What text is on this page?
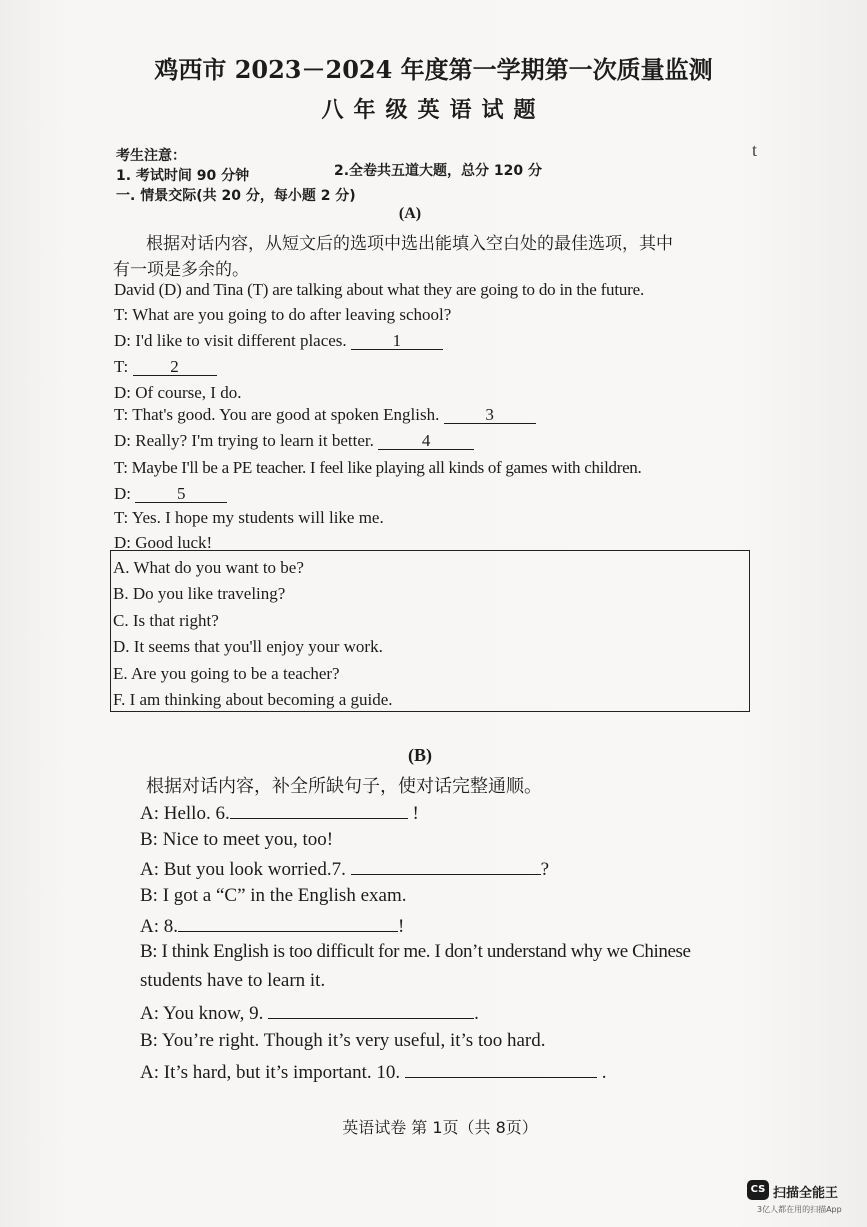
t
鸡西市 2023－2024 年度第一学期第一次质量监测
八年级英语试题
考生注意：
1. 考试时间 90 分钟	2.全卷共五道大题，总分 120 分
一. 情景交际(共 20 分，每小题 2 分)
(A)
根据对话内容，从短文后的选项中选出能填入空白处的最佳选项，其中
有一项是多余的。
David (D) and Tina (T) are talking about what they are going to do in the future.
T: What are you going to do after leaving school?
D: I'd like to visit different places.	1
T: 2
D: Of course, I do.
T: That's good. You are good at spoken English.	3
D: Really? I'm trying to learn it better.	4
T: Maybe I'll be a PE teacher. I feel like playing all kinds of games with children.
D: 5
T: Yes. I hope my students will like me.
D: Good luck!
A. What do you want to be?
B. Do you like traveling?
C. Is that right?
D. It seems that you'll enjoy your work.
E. Are you going to be a teacher?
F. I am thinking about becoming a guide.
(B)
根据对话内容，补全所缺句子，使对话完整通顺。
A: Hello. 6.	!
B: Nice to meet you, too!
A: But you look worried.7.	?
B: I got a “C” in the English exam.
A: 8.	!
B: I think English is too difficult for me. I don’t understand why we Chinese
students have to learn it.
A: You know, 9.	.
B: You’re right. Though it’s very useful, it’s too hard.
A: It’s hard, but it’s important. 10.	.
英语试卷 第 1页（共 8页）
CS 扫描全能王
3亿人都在用的扫描App
